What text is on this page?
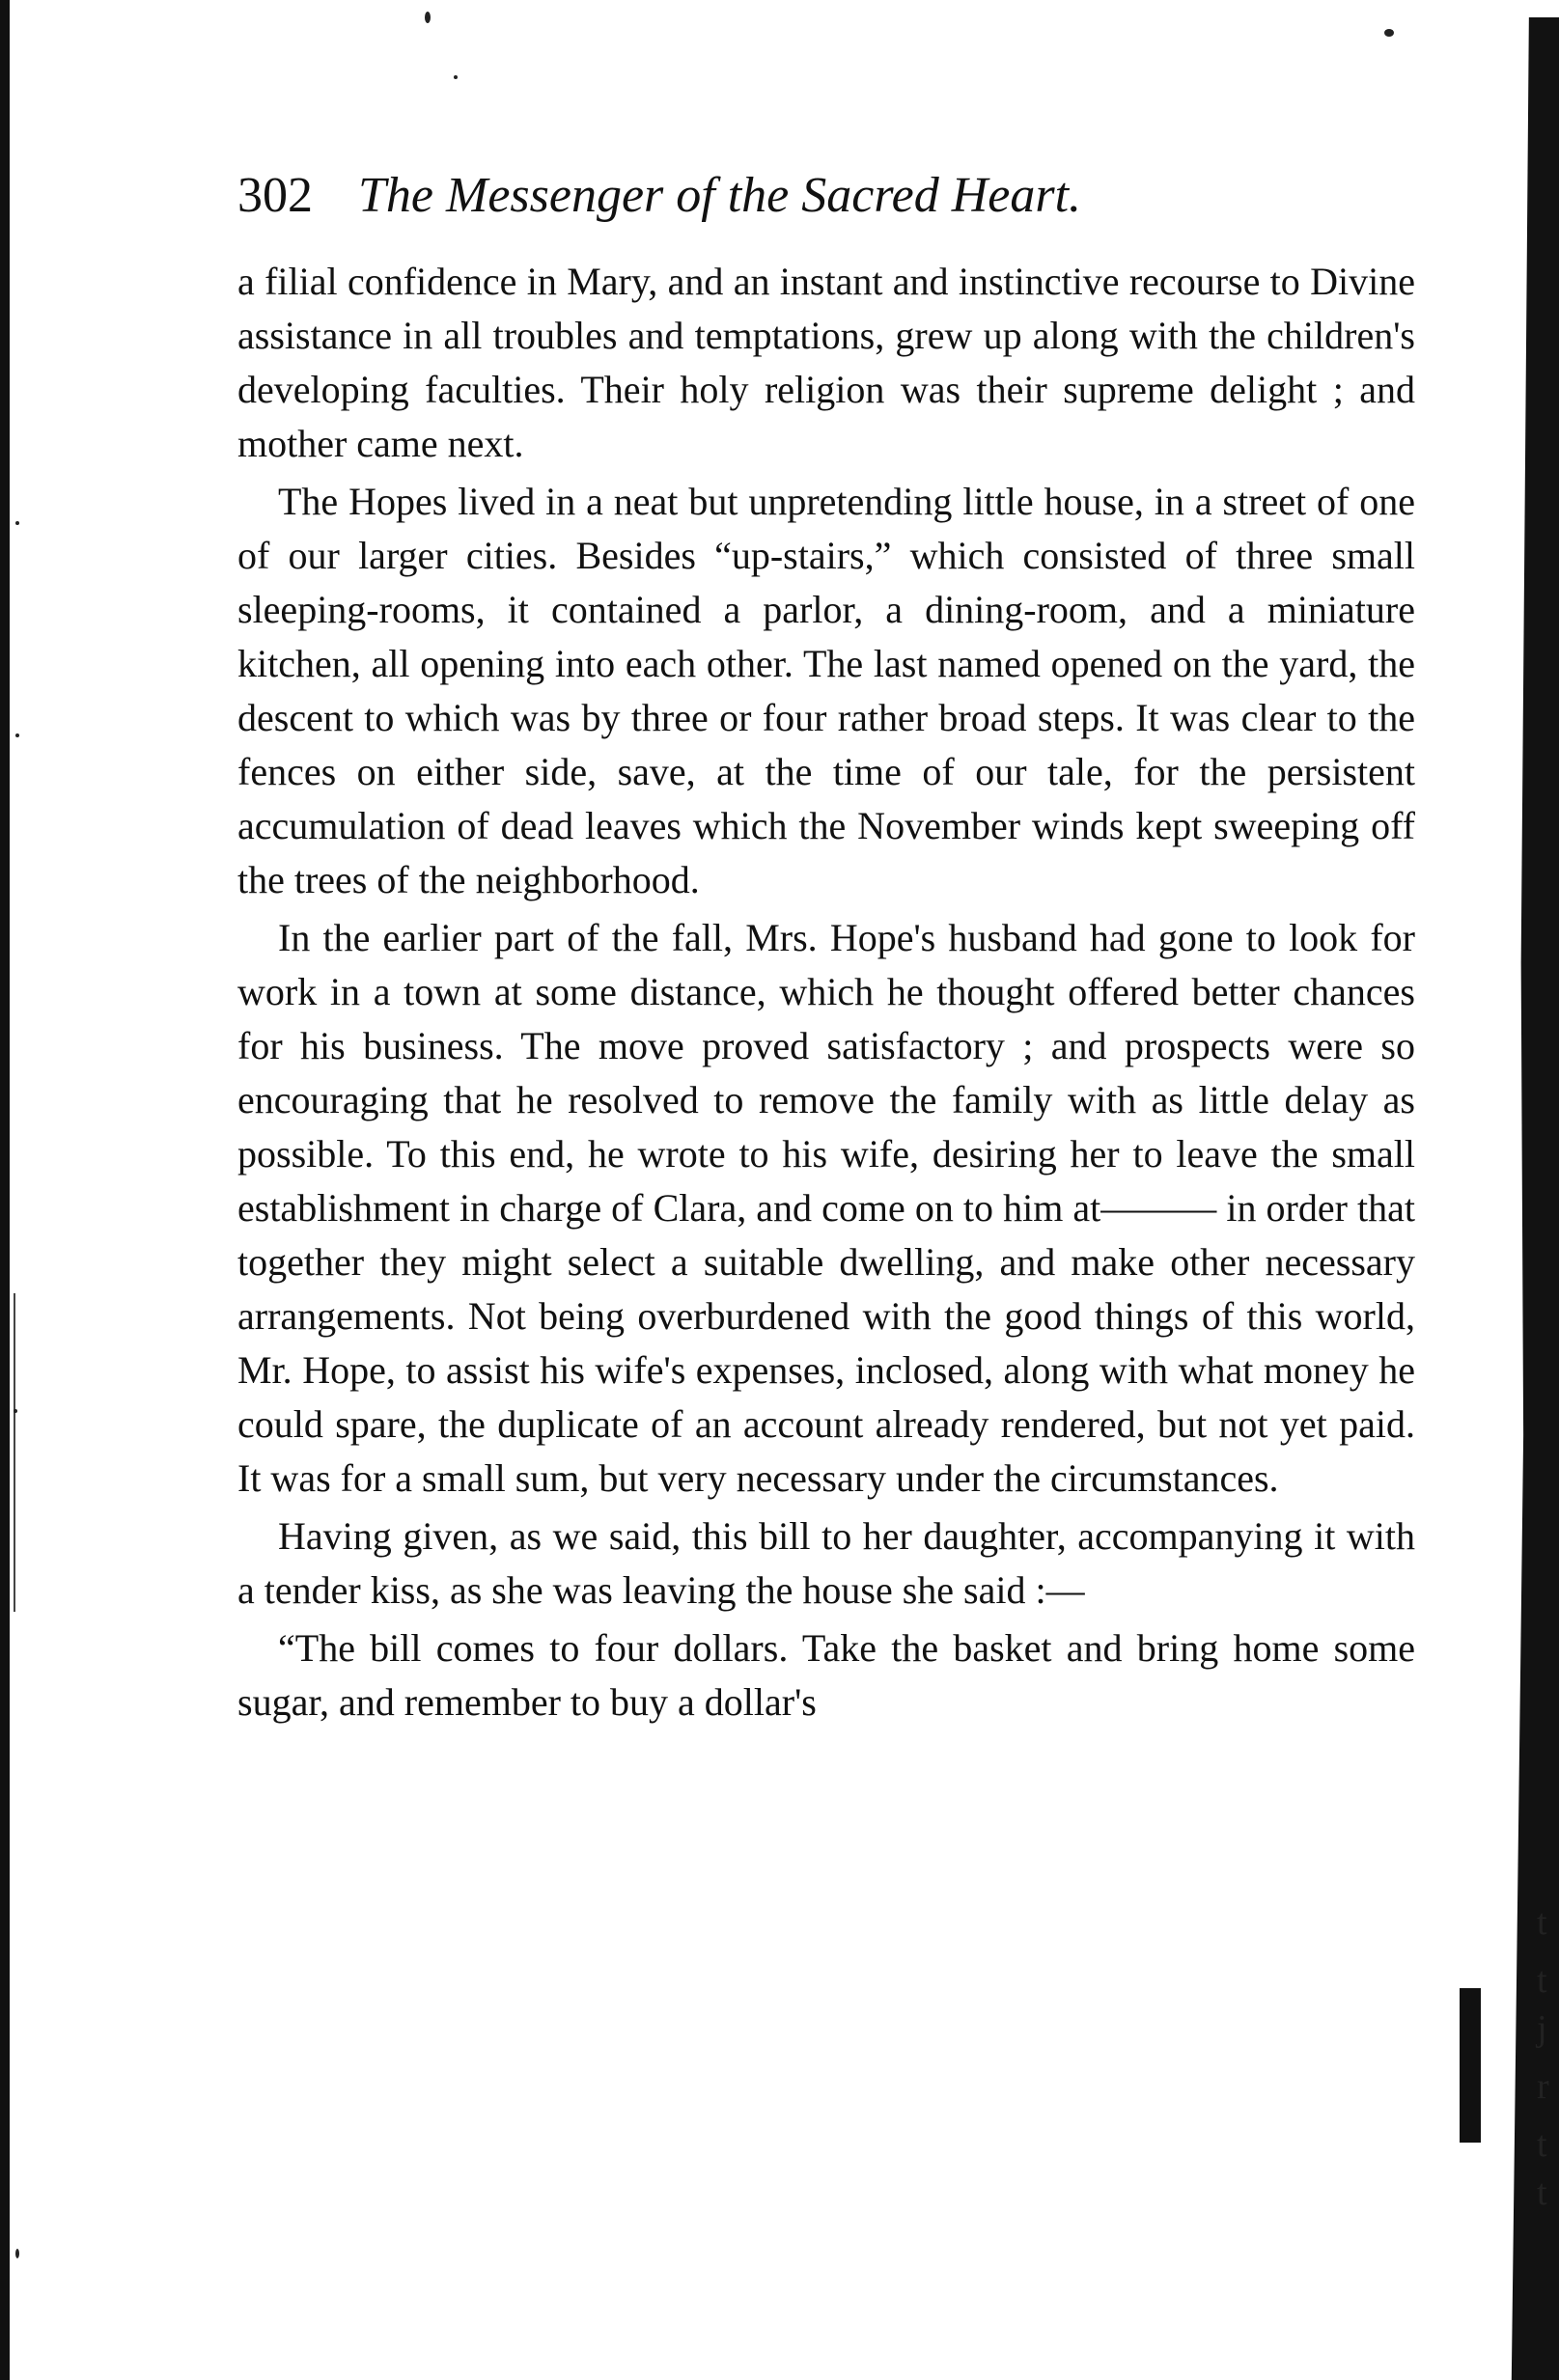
t
t
j
r
t
t
302 The Messenger of the Sacred Heart.

a filial confidence in Mary, and an instant and instinctive recourse to Divine assistance in all troubles and temptations, grew up along with the children's developing faculties. Their holy religion was their supreme delight ; and mother came next.

The Hopes lived in a neat but unpretending little house, in a street of one of our larger cities. Besides “up-stairs,” which consisted of three small sleeping-rooms, it contained a parlor, a dining-room, and a miniature kitchen, all opening into each other. The last named opened on the yard, the descent to which was by three or four rather broad steps. It was clear to the fences on either side, save, at the time of our tale, for the persistent accumulation of dead leaves which the November winds kept sweeping off the trees of the neighborhood.

In the earlier part of the fall, Mrs. Hope's husband had gone to look for work in a town at some distance, which he thought offered better chances for his business. The move proved satisfactory ; and prospects were so encouraging that he resolved to remove the family with as little delay as possible. To this end, he wrote to his wife, desiring her to leave the small establishment in charge of Clara, and come on to him at——— in order that together they might select a suitable dwelling, and make other necessary arrangements. Not being overburdened with the good things of this world, Mr. Hope, to assist his wife's expenses, inclosed, along with what money he could spare, the duplicate of an account already rendered, but not yet paid. It was for a small sum, but very necessary under the circumstances.

Having given, as we said, this bill to her daughter, accompanying it with a tender kiss, as she was leaving the house she said :—

“The bill comes to four dollars. Take the basket and bring home some sugar, and remember to buy a dollar's
